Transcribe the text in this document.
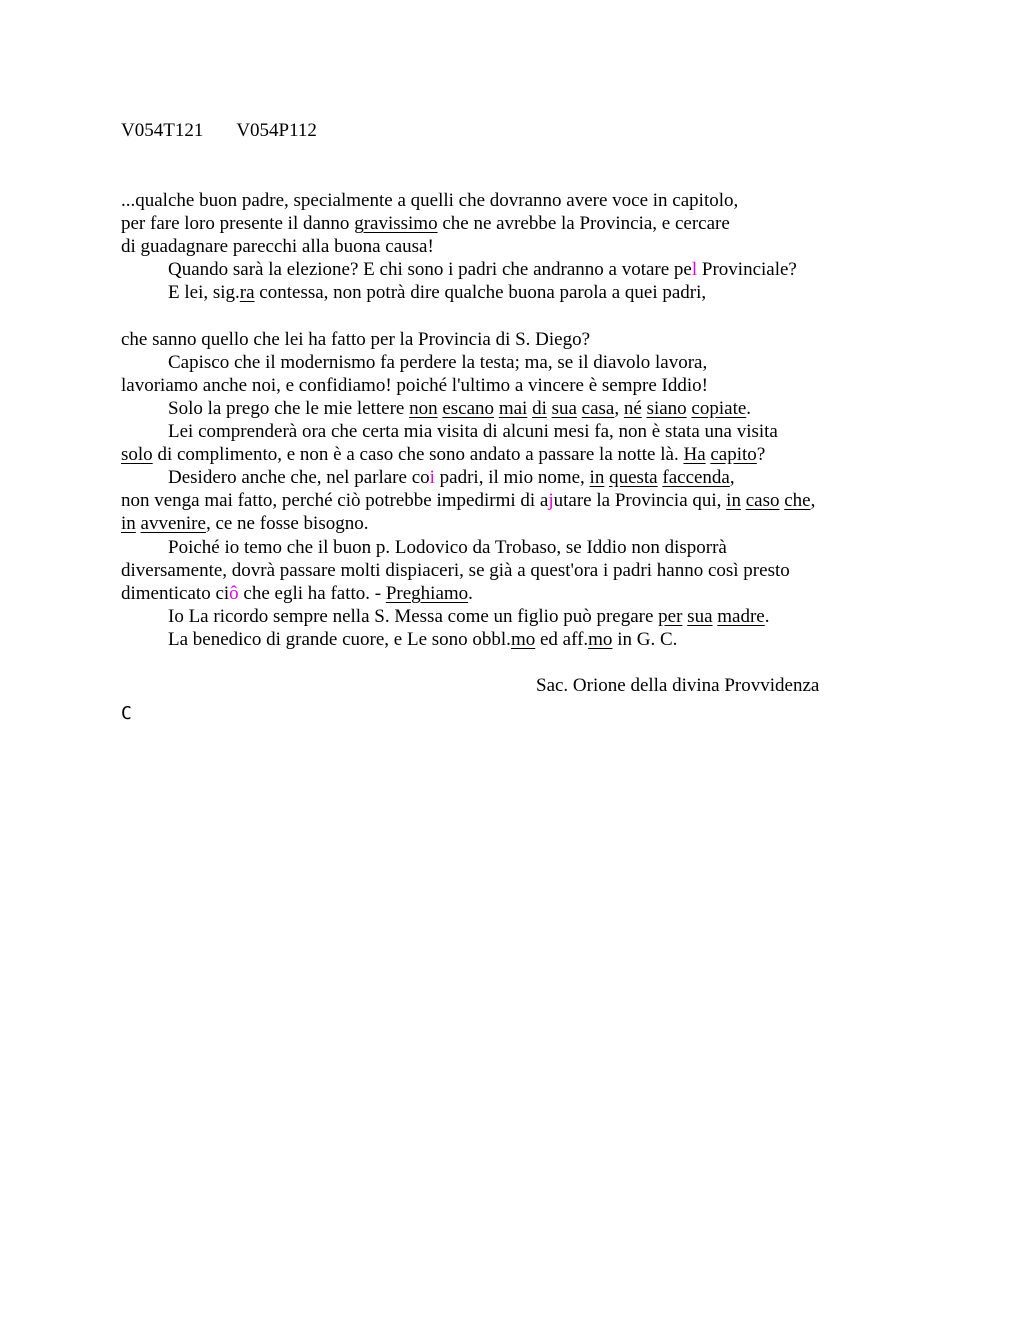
V054T121 V054P112
...qualche buon padre, specialmente a quelli che dovranno avere voce in capitolo,
per fare loro presente il danno gravissimo che ne avrebbe la Provincia, e cercare
di guadagnare parecchi alla buona causa!
Quando sarà la elezione? E chi sono i padri che andranno a votare pel Provinciale?
E lei, sig.ra contessa, non potrà dire qualche buona parola a quei padri,
che sanno quello che lei ha fatto per la Provincia di S. Diego?
Capisco che il modernismo fa perdere la testa; ma, se il diavolo lavora,
lavoriamo anche noi, e confidiamo! poiché l'ultimo a vincere è sempre Iddio!
Solo la prego che le mie lettere non escano mai di sua casa, né siano copiate.
Lei comprenderà ora che certa mia visita di alcuni mesi fa, non è stata una visita
solo di complimento, e non è a caso che sono andato a passare la notte là. Ha capito?
Desidero anche che, nel parlare coi padri, il mio nome, in questa faccenda,
non venga mai fatto, perché ciò potrebbe impedirmi di ajutare la Provincia qui, in caso che,
in avvenire, ce ne fosse bisogno.
Poiché io temo che il buon p. Lodovico da Trobaso, se Iddio non disporrà
diversamente, dovrà passare molti dispiaceri, se già a quest'ora i padri hanno così presto
dimenticato ciô che egli ha fatto. - Preghiamo.
Io La ricordo sempre nella S. Messa come un figlio può pregare per sua madre.
La benedico di grande cuore, e Le sono obbl.mo ed aff.mo in G. C.
Sac. Orione della divina Provvidenza
C
